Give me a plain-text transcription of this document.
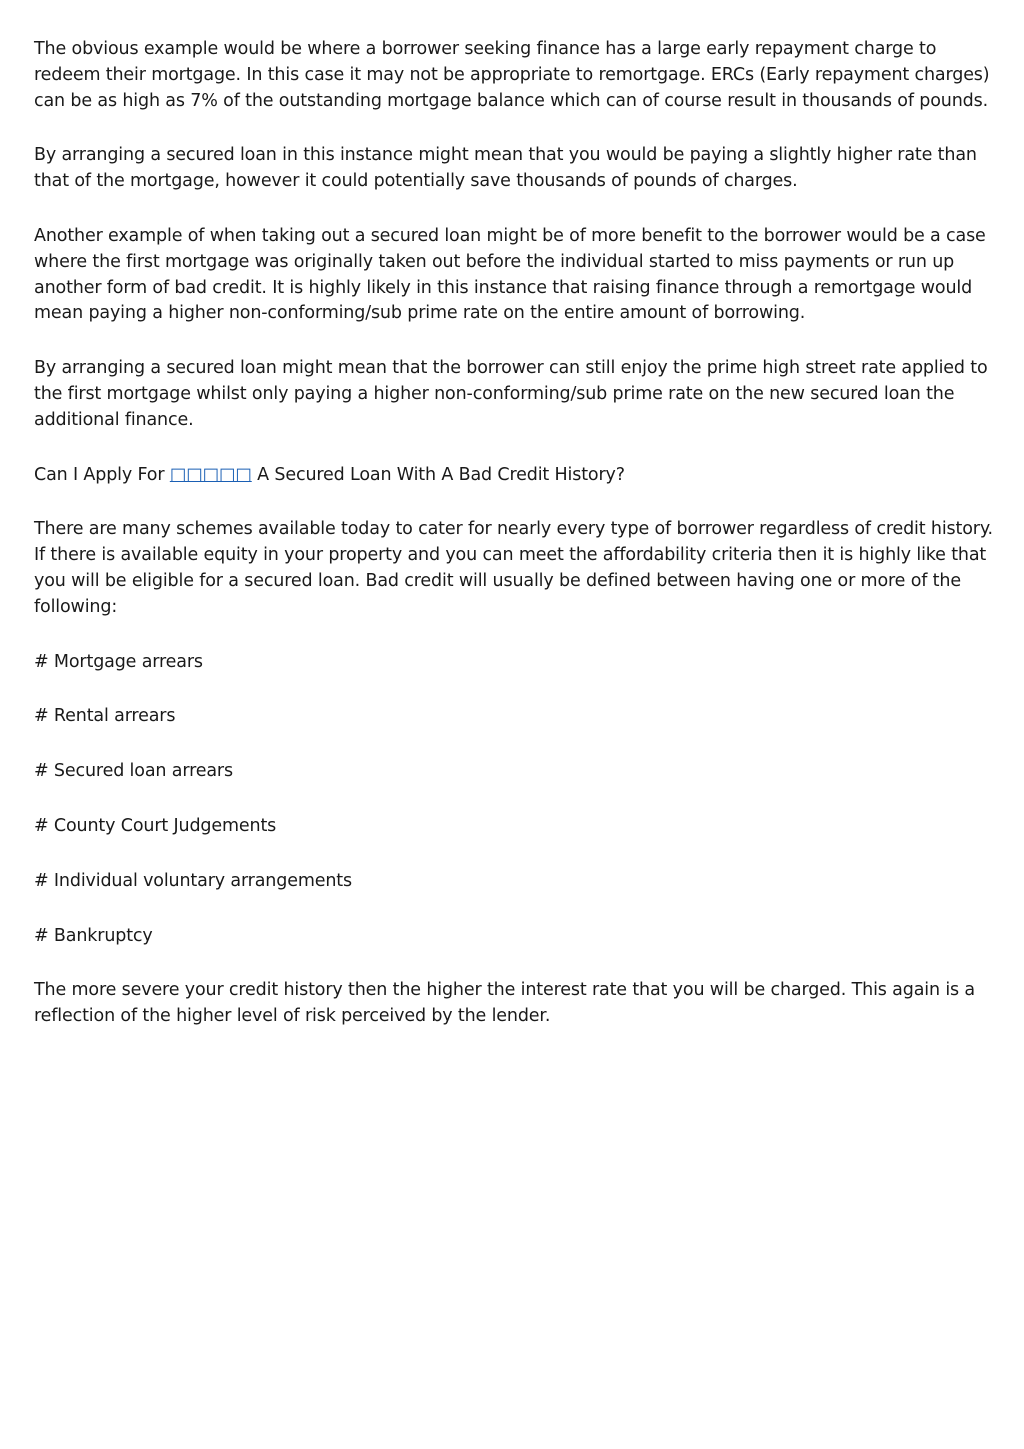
The obvious example would be where a borrower seeking finance has a large early repayment charge to redeem their mortgage. In this case it may not be appropriate to remortgage. ERCs (Early repayment charges) can be as high as 7% of the outstanding mortgage balance which can of course result in thousands of pounds.

By arranging a secured loan in this instance might mean that you would be paying a slightly higher rate than that of the mortgage, however it could potentially save thousands of pounds of charges.

Another example of when taking out a secured loan might be of more benefit to the borrower would be a case where the first mortgage was originally taken out before the individual started to miss payments or run up another form of bad credit. It is highly likely in this instance that raising finance through a remortgage would mean paying a higher non-conforming/sub prime rate on the entire amount of borrowing.

By arranging a secured loan might mean that the borrower can still enjoy the prime high street rate applied to the first mortgage whilst only paying a higher non-conforming/sub prime rate on the new secured loan the additional finance.

Can I Apply For □□□□□ A Secured Loan With A Bad Credit History?

There are many schemes available today to cater for nearly every type of borrower regardless of credit history. If there is available equity in your property and you can meet the affordability criteria then it is highly like that you will be eligible for a secured loan. Bad credit will usually be defined between having one or more of the following:

# Mortgage arrears

# Rental arrears

# Secured loan arrears

# County Court Judgements

# Individual voluntary arrangements

# Bankruptcy

The more severe your credit history then the higher the interest rate that you will be charged. This again is a reflection of the higher level of risk perceived by the lender.
